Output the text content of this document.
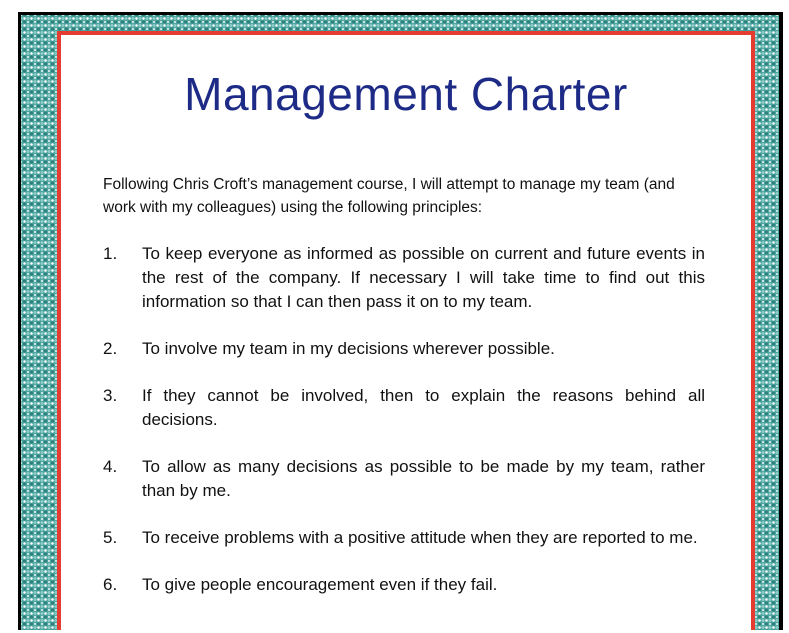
Management Charter

Following Chris Croft’s management course, I will attempt to manage my team (and work with my colleagues) using the following principles:

1.	To keep everyone as informed as possible on current and future events in the rest of the company. If necessary I will take time to find out this information so that I can then pass it on to my team.
2.	To involve my team in my decisions wherever possible.
3.	If they cannot be involved, then to explain the reasons behind all decisions.
4.	To allow as many decisions as possible to be made by my team, rather than by me.
5.	To receive problems with a positive attitude when they are reported to me.
6.	To give people encouragement even if they fail.
